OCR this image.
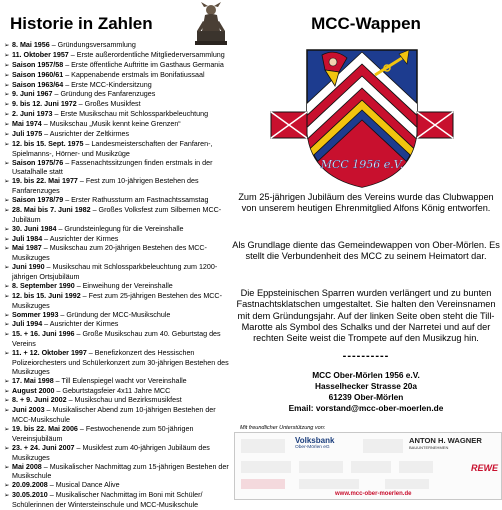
Historie in Zahlen
➢ 8. Mai 1956 – Gründungsversammlung
➢ 11. Oktober 1957 – Erste außerordentliche Mitgliederversammlung
➢ Saison 1957/58 – Erste öffentliche Auftritte im Gasthaus Germania
➢ Saison 1960/61 – Kappenabende erstmals im Bonifatiussaal
➢ Saison 1963/64 – Erste MCC-Kindersitzung
➢ 9. Juni 1967 – Gründung des Fanfarenzuges
➢ 9. bis 12. Juni 1972 – Großes Musikfest
➢ 2. Juni 1973 – Erste Musikschau mit Schlossparkbeleuchtung
➢ Mai 1974 – Musikschau „Musik kennt keine Grenzen“
➢ Juli 1975 – Ausrichter der Zeltkirmes
➢ 12. bis 15. Sept. 1975 – Landesmeisterschaften der Fanfaren-, Spielmanns-, Hörner- und Musikzüge
➢ Saison 1975/76 – Fassenachtssitzungen finden erstmals in der Usatalhalle statt
➢ 19. bis 22. Mai 1977 – Fest zum 10-jährigen Bestehen des Fanfarenzuges
➢ Saison 1978/79 – Erster Rathussturm am Fastnachtssamstag
➢ 28. Mai bis 7. Juni 1982 – Großes Volksfest zum Silbernen MCC-Jubiläum
➢ 30. Juni 1984 – Grundsteinlegung für die Vereinshalle
➢ Juli 1984 – Ausrichter der Kirmes
➢ Mai 1987 – Musikschau zum 20-jährigen Bestehen des MCC-Musikzuges
➢ Juni 1990 – Musikschau mit Schlossparkbeleuchtung zum 1200-jährigen Ortsjubiläum
➢ 8. September 1990 – Einweihung der Vereinshalle
➢ 12. bis 15. Juni 1992 – Fest zum 25-jährigen Bestehen des MCC-Musikzuges
➢ Sommer 1993 – Gründung der MCC-Musikschule
➢ Juli 1994 – Ausrichter der Kirmes
➢ 15. + 16. Juni 1996 – Große Musikschau zum 40. Geburtstag des Vereins
➢ 11. + 12. Oktober 1997 – Benefizkonzert des Hessischen Polizeiorchesters und Schülerkonzert zum 30-jährigen Bestehen des Musikzuges
➢ 17. Mai 1998 – Till Eulenspiegel wacht vor Vereinshalle
➢ August 2000 – Geburtstagsfeier 4x11 Jahre MCC
➢ 8. + 9. Juni 2002 – Musikschau und Bezirksmusikfest
➢ Juni 2003 – Musikalischer Abend zum 10-jährigen Bestehen der MCC-Musikschule
➢ 19. bis 22. Mai 2006 – Festwochenende zum 50-jährigen Vereinsjubiläum
➢ 23. + 24. Juni 2007 – Musikfest zum 40-jährigen Jubiläum des Musikzuges
➢ Mai 2008 – Musikalischer Nachmittag zum 15-jährigen Bestehen der Musikschule
➢ 20.09.2008 – Musical Dance Alive
➢ 30.05.2010 – Musikalischer Nachmittag im Boni mit Schüler/ Schülerinnen der Wintersteinschule und MCC-Musikschule
MCC-Wappen
MCC 1956 e.V.

Zum 25-jährigen Jubiläum des Vereins wurde das Clubwappen von unserem heutigen Ehrenmitglied Alfons König entworfen.

Als Grundlage diente das Gemeindewappen von Ober-Mörlen. Es stellt die Verbundenheit des MCC zu seinem Heimatort dar.

Die Eppsteinischen Sparren wurden verlängert und zu bunten Fastnachtsklatschen umgestaltet. Sie halten den Vereinsnamen mit dem Gründungsjahr. Auf der linken Seite oben steht die Till-Marotte als Symbol des Schalks und der Narretei und auf der rechten Seite weist die Trompete auf den Musikzug hin.

----------
MCC Ober-Mörlen 1956 e.V.
Hasselhecker Strasse 20a
61239 Ober-Mörlen
Email: vorstand@mcc-ober-moerlen.de
Mit freundlicher Unterstützung von:
Volksbank
Ober-Mörlen eG
ANTON H. WAGNER
BAUUNTERNEHMEN
REWE
www.mcc-ober-moerlen.de
